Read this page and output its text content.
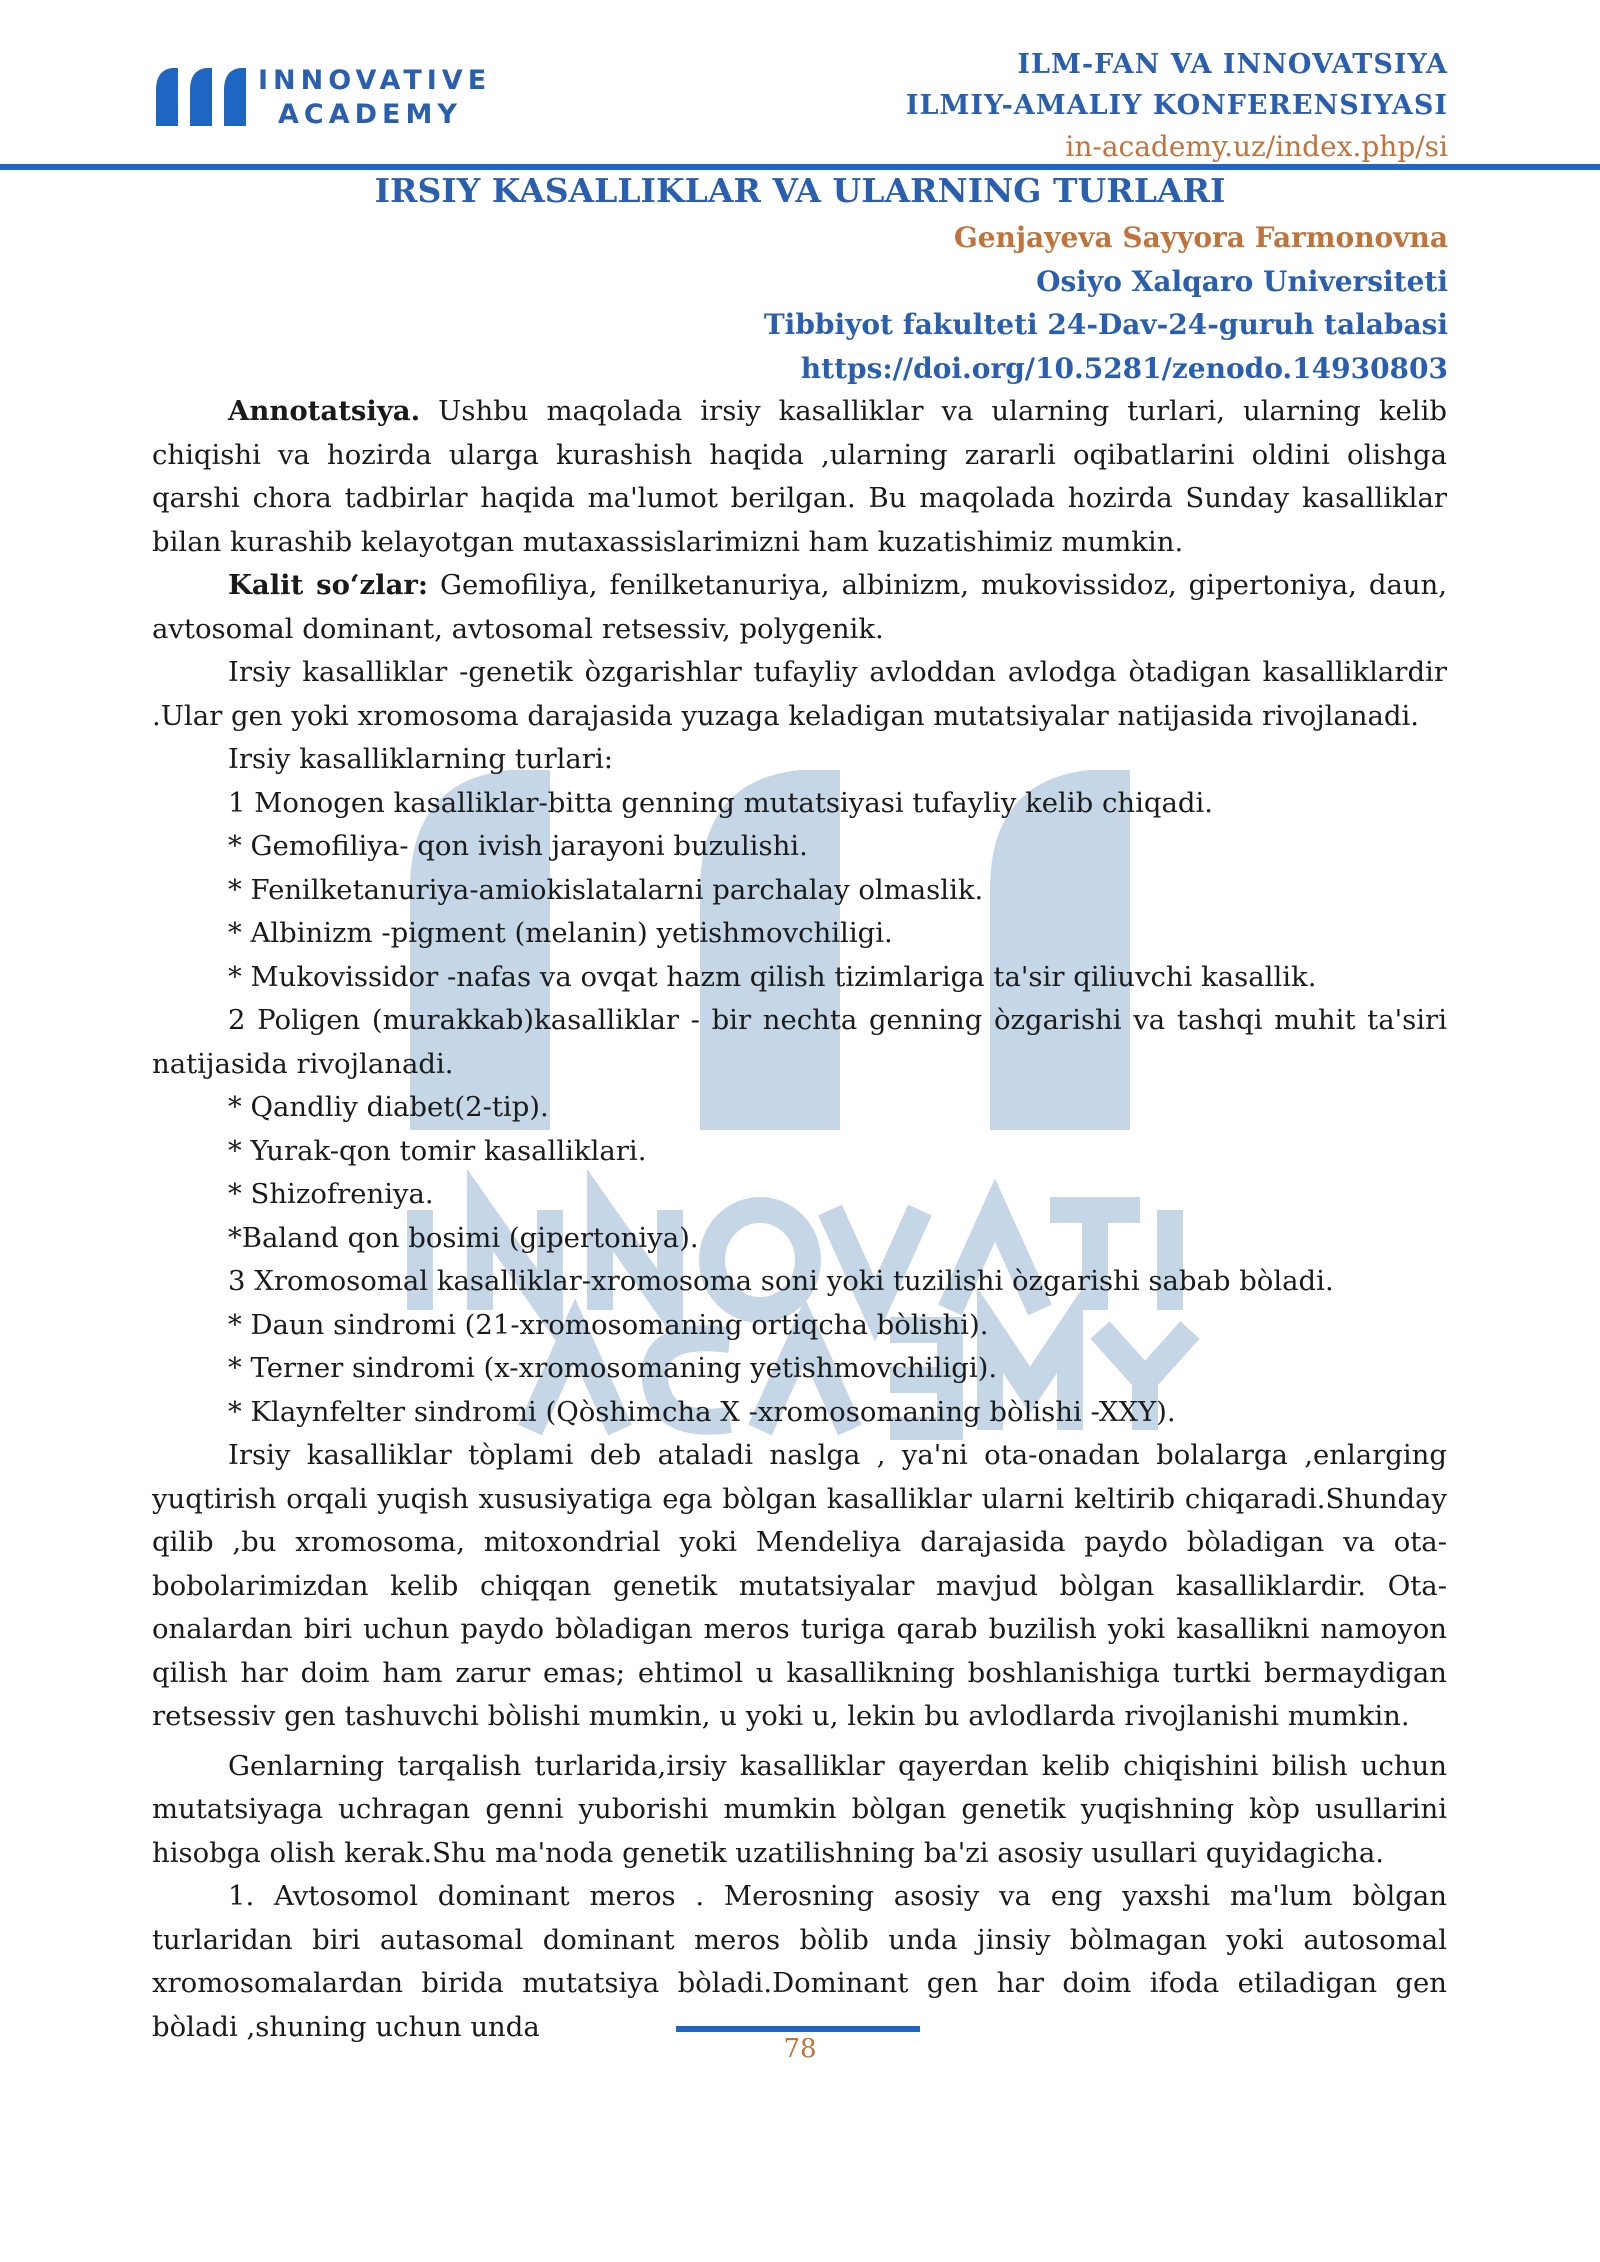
INNOVATIVE
ACADEMY
ILM-FAN VA INNOVATSIYA
ILMIY-AMALIY KONFERENSIYASI
in-academy.uz/index.php/si
IRSIY KASALLIKLAR VA ULARNING TURLARI
Genjayeva Sayyora Farmonovna
Osiyo Xalqaro Universiteti
Tibbiyot fakulteti 24-Dav-24-guruh talabasi
https://doi.org/10.5281/zenodo.14930803

Annotatsiya. Ushbu maqolada irsiy kasalliklar va ularning turlari, ularning kelib chiqishi va hozirda ularga kurashish haqida ,ularning zararli oqibatlarini oldini olishga qarshi chora tadbirlar haqida ma'lumot berilgan. Bu maqolada hozirda Sunday kasalliklar bilan kurashib kelayotgan mutaxassislarimizni ham kuzatishimiz mumkin.

Kalit so‘zlar: Gemofiliya, fenilketanuriya, albinizm, mukovissidoz, gipertoniya, daun, avtosomal dominant, avtosomal retsessiv, polygenik.

Irsiy kasalliklar -genetik òzgarishlar tufayliy avloddan avlodga òtadigan kasalliklardir .Ular gen yoki xromosoma darajasida yuzaga keladigan mutatsiyalar natijasida rivojlanadi.

Irsiy kasalliklarning turlari:

1 Monogen kasalliklar-bitta genning mutatsiyasi tufayliy kelib chiqadi.

* Gemofiliya- qon ivish jarayoni buzulishi.

* Fenilketanuriya-amiokislatalarni parchalay olmaslik.

* Albinizm -pigment (melanin) yetishmovchiligi.

* Mukovissidor -nafas va ovqat hazm qilish tizimlariga ta'sir qiliuvchi kasallik.

2 Poligen (murakkab)kasalliklar - bir nechta genning òzgarishi va tashqi muhit ta'siri natijasida rivojlanadi.

* Qandliy diabet(2-tip).

* Yurak-qon tomir kasalliklari.

* Shizofreniya.

*Baland qon bosimi (gipertoniya).

3 Xromosomal kasalliklar-xromosoma soni yoki tuzilishi òzgarishi sabab bòladi.

* Daun sindromi (21-xromosomaning ortiqcha bòlishi).

* Terner sindromi (x-xromosomaning yetishmovchiligi).

* Klaynfelter sindromi (Qòshimcha X -xromosomaning bòlishi -XXY).

Irsiy kasalliklar tòplami deb ataladi naslga , ya'ni ota-onadan bolalarga ,enlarging yuqtirish orqali yuqish xususiyatiga ega bòlgan kasalliklar ularni keltirib chiqaradi.Shunday qilib ,bu xromosoma, mitoxondrial yoki Mendeliya darajasida paydo bòladigan va ota-bobolarimizdan kelib chiqqan genetik mutatsiyalar mavjud bòlgan kasalliklardir. Ota-onalardan biri uchun paydo bòladigan meros turiga qarab buzilish yoki kasallikni namoyon qilish har doim ham zarur emas; ehtimol u kasallikning boshlanishiga turtki bermaydigan retsessiv gen tashuvchi bòlishi mumkin, u yoki u, lekin bu avlodlarda rivojlanishi mumkin.

Genlarning tarqalish turlarida,irsiy kasalliklar qayerdan kelib chiqishini bilish uchun mutatsiyaga uchragan genni yuborishi mumkin bòlgan genetik yuqishning kòp usullarini hisobga olish kerak.Shu ma'noda genetik uzatilishning ba'zi asosiy usullari quyidagicha.

1. Avtosomol dominant meros . Merosning asosiy va eng yaxshi ma'lum bòlgan turlaridan biri autasomal dominant meros bòlib unda jinsiy bòlmagan yoki autosomal xromosomalardan birida mutatsiya bòladi.Dominant gen har doim ifoda etiladigan gen bòladi ,shuning uchun unda

78
